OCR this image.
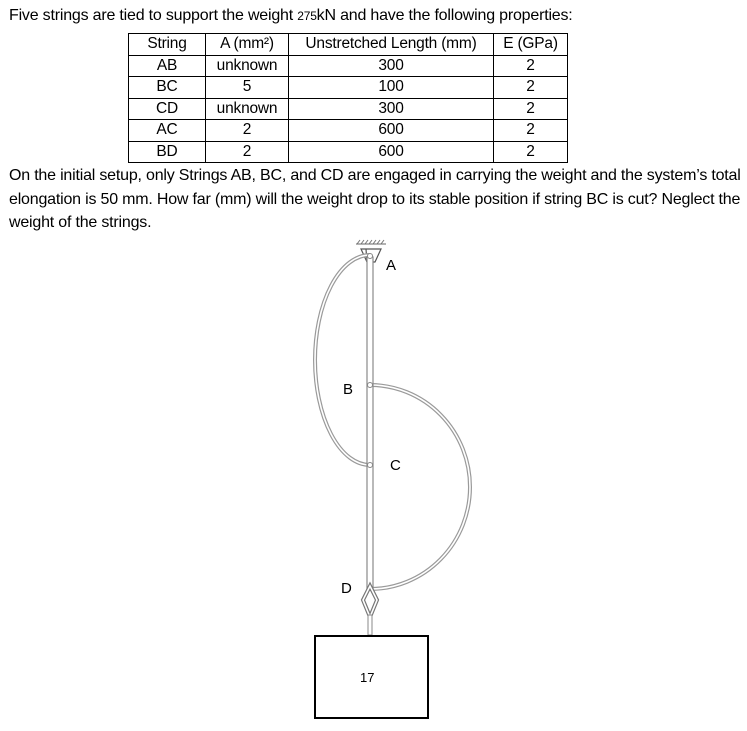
Five strings are tied to support the weight 275kN and have the following properties:
String	A (mm²)	Unstretched Length (mm)	E (GPa)
AB	unknown	300	2
BC	5	100	2
CD	unknown	300	2
AC	2	600	2
BD	2	600	2
On the initial setup, only Strings AB, BC, and CD are engaged in carrying the weight and the system’s total
elongation is 50 mm. How far (mm) will the weight drop to its stable position if string BC is cut? Neglect the
weight of the strings.
A
B
C
D
17
